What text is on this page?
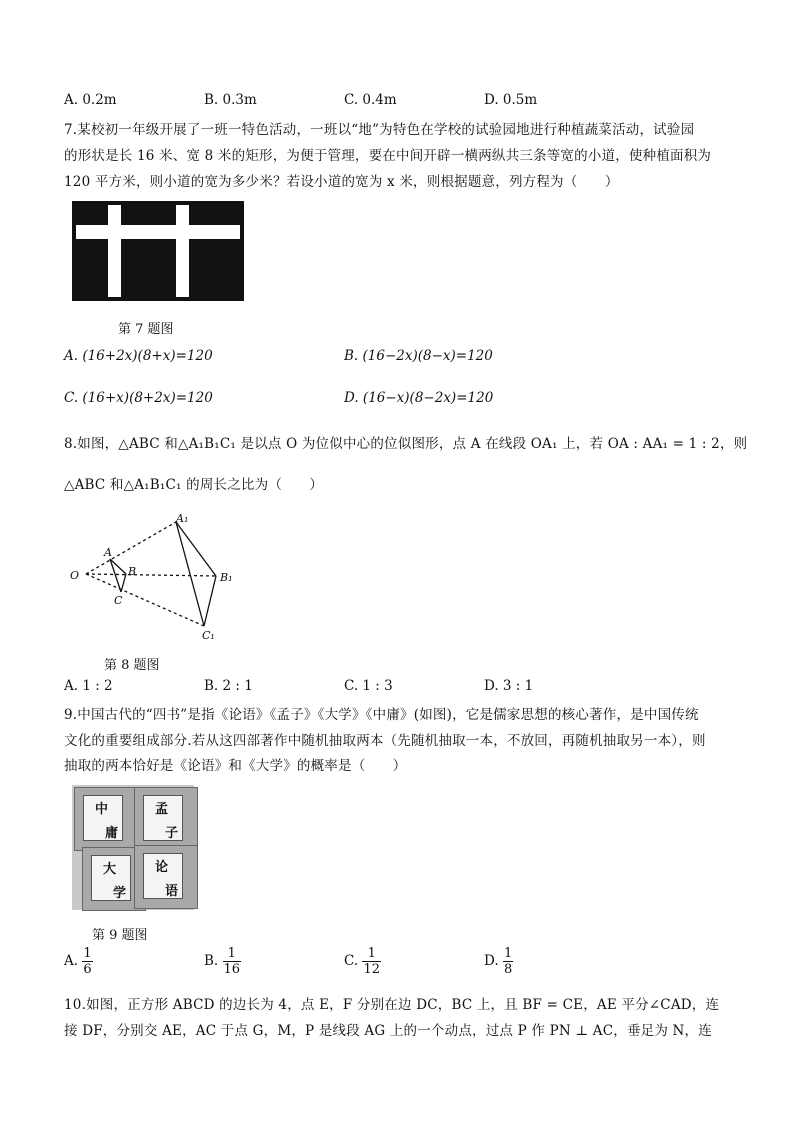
A. 0.2m	B. 0.3m	C. 0.4m	D. 0.5m
7.某校初一年级开展了一班一特色活动，一班以“地”为特色在学校的试验园地进行种植蔬菜活动，试验园
的形状是长 16 米、宽 8 米的矩形，为便于管理，要在中间开辟一横两纵共三条等宽的小道，使种植面积为
120 平方米，则小道的宽为多少米？若设小道的宽为 x 米，则根据题意，列方程为（　　）
第 7 题图
A. (16+2x)(8+x)=120	B. (16−2x)(8−x)=120
C. (16+x)(8+2x)=120	D. (16−x)(8−2x)=120
8.如图，△ABC 和△A₁B₁C₁ 是以点 O 为位似中心的位似图形，点 A 在线段 OA₁ 上，若 OA : AA₁ = 1 : 2，则
△ABC 和△A₁B₁C₁ 的周长之比为（　　）
O
A
B
C
A₁
B₁
C₁
第 8 题图
A. 1 : 2	B. 2 : 1	C. 1 : 3	D. 3 : 1
9.中国古代的“四书”是指《论语》《孟子》《大学》《中庸》(如图)，它是儒家思想的核心著作，是中国传统
文化的重要组成部分.若从这四部著作中随机抽取两本（先随机抽取一本，不放回，再随机抽取另一本），则
抽取的两本恰好是《论语》和《大学》的概率是（　　）
中
庸
孟
子
大
学
论
语
第 9 题图
A. $\frac{1}{6}$	B. $\frac{1}{16}$	C. $\frac{1}{12}$	D. $\frac{1}{8}$
10.如图，正方形 ABCD 的边长为 4，点 E，F 分别在边 DC，BC 上，且 BF = CE，AE 平分∠CAD，连
接 DF，分别交 AE，AC 于点 G，M，P 是线段 AG 上的一个动点，过点 P 作 PN ⊥ AC，垂足为 N，连
